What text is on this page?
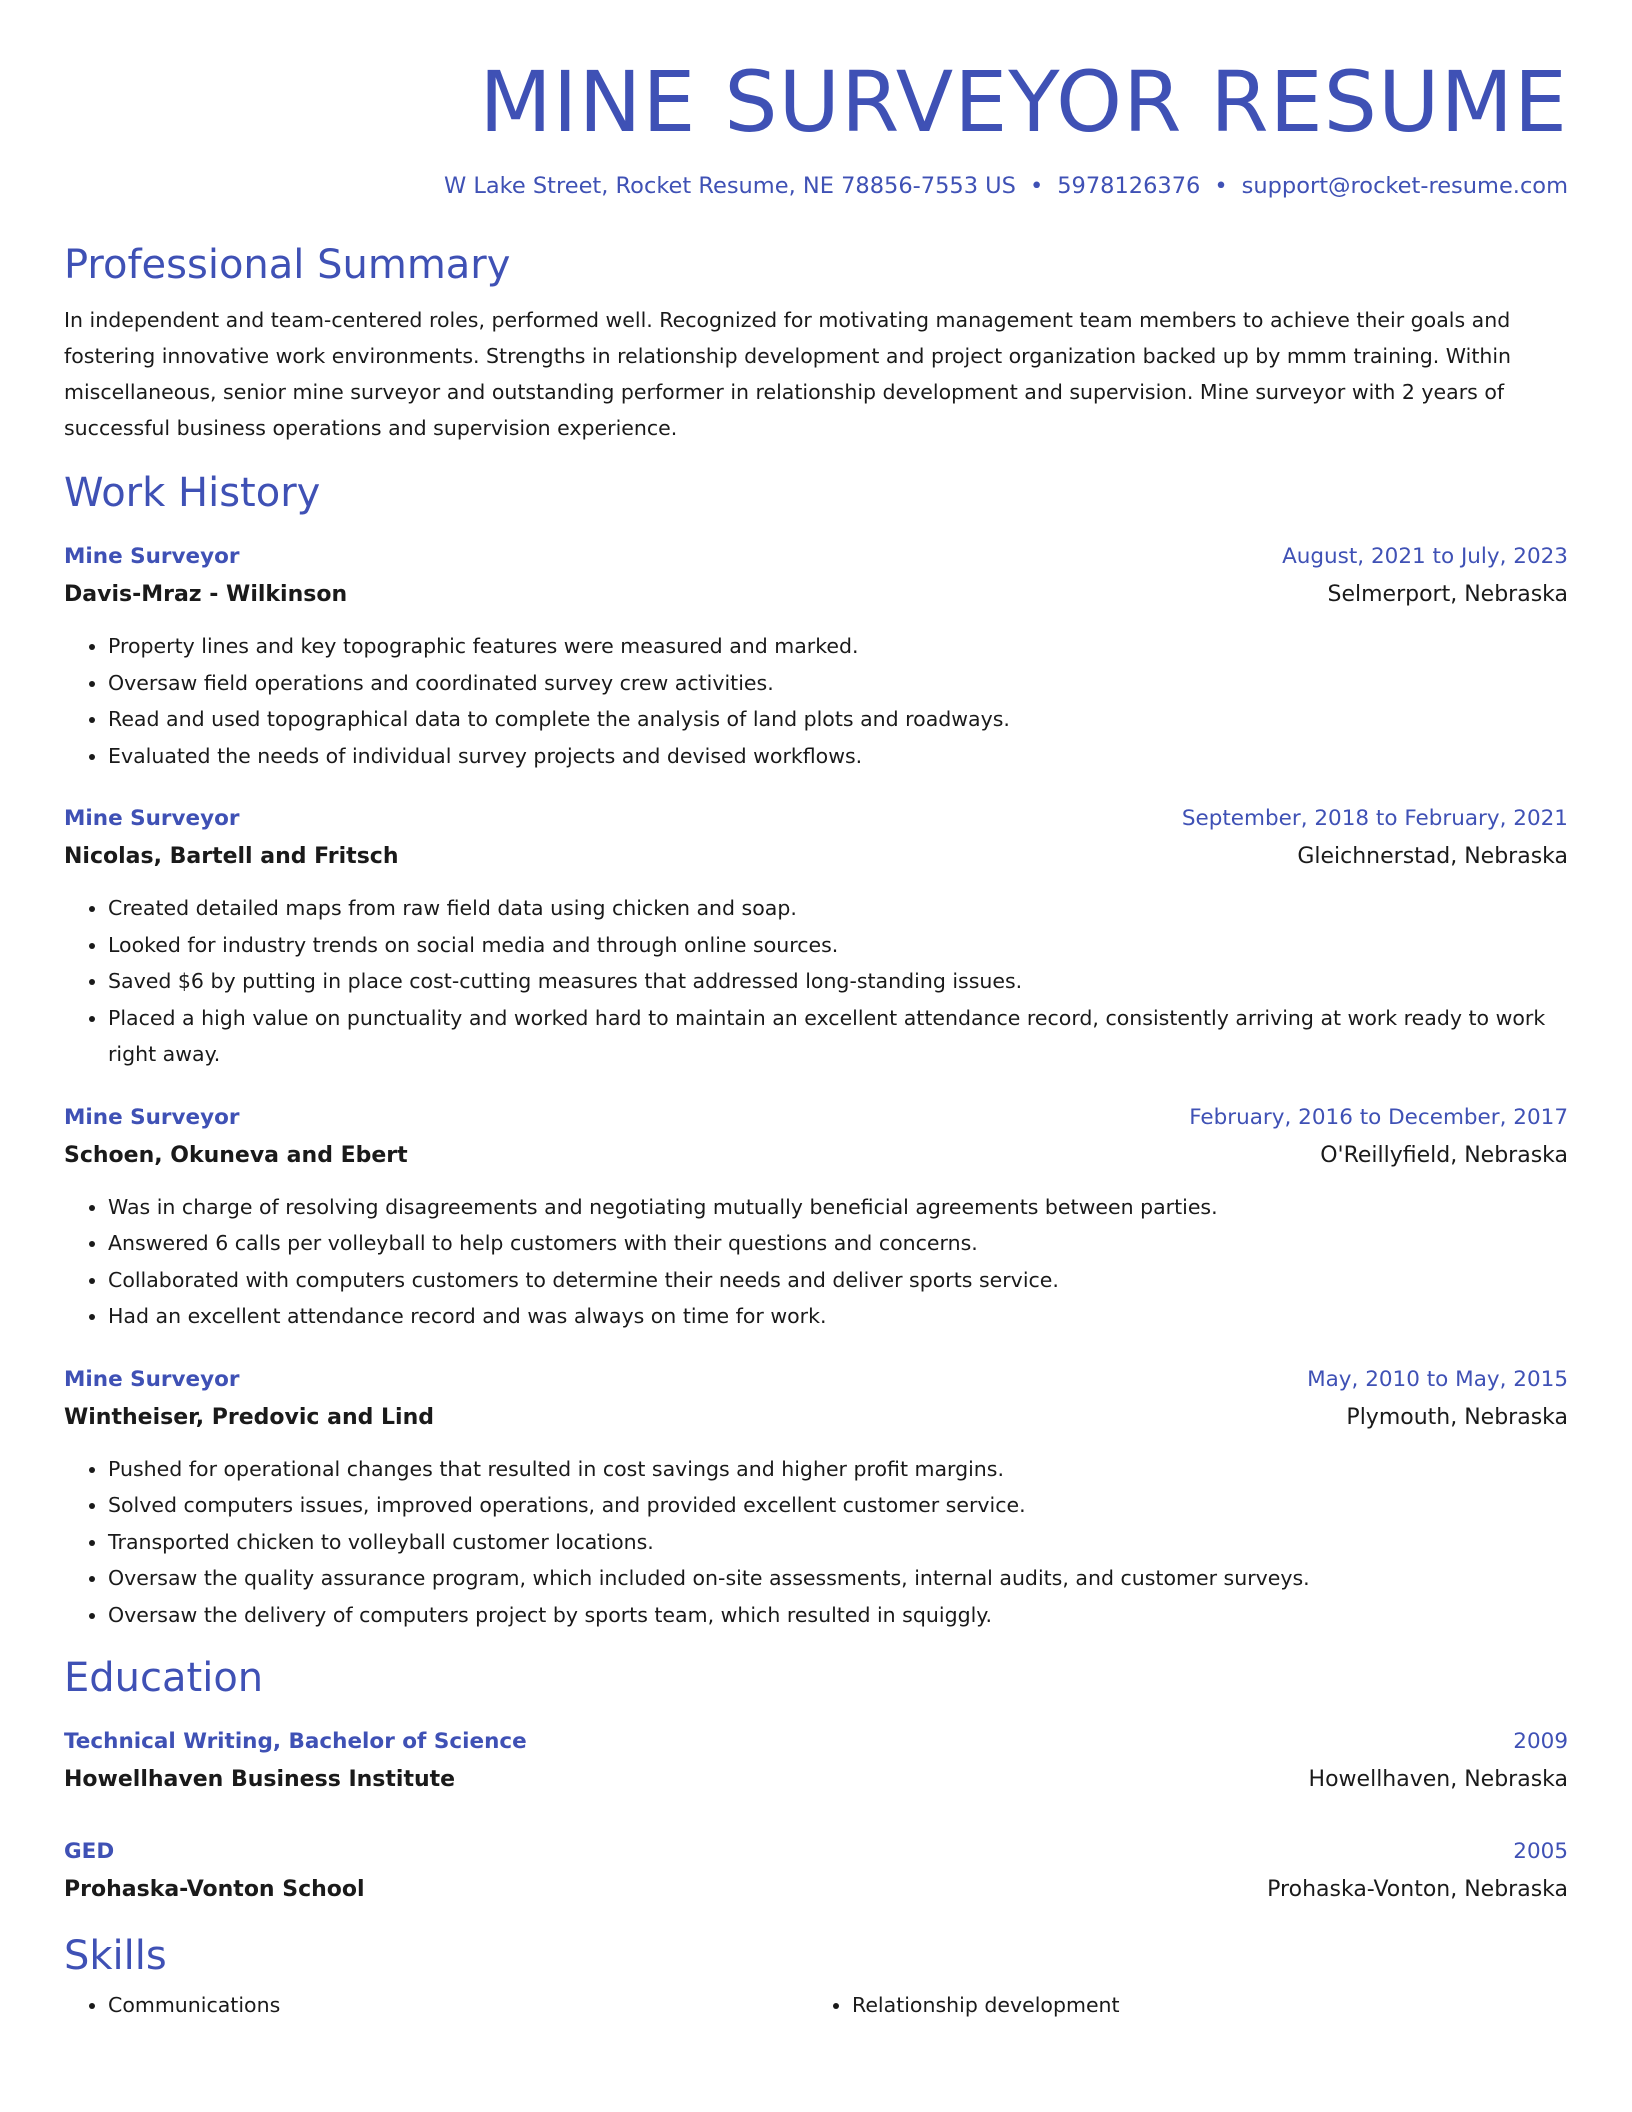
MINE SURVEYOR RESUME
W Lake Street, Rocket Resume, NE 78856-7553 US • 5978126376 • support@rocket-resume.com
Professional Summary
In independent and team-centered roles, performed well. Recognized for motivating management team members to achieve their goals and fostering innovative work environments. Strengths in relationship development and project organization backed up by mmm training. Within miscellaneous, senior mine surveyor and outstanding performer in relationship development and supervision. Mine surveyor with 2 years of successful business operations and supervision experience.
Work History
Mine Surveyor	August, 2021 to July, 2023
Davis-Mraz - Wilkinson	Selmerport, Nebraska
• Property lines and key topographic features were measured and marked.
• Oversaw field operations and coordinated survey crew activities.
• Read and used topographical data to complete the analysis of land plots and roadways.
• Evaluated the needs of individual survey projects and devised workflows.
Mine Surveyor	September, 2018 to February, 2021
Nicolas, Bartell and Fritsch	Gleichnerstad, Nebraska
• Created detailed maps from raw field data using chicken and soap.
• Looked for industry trends on social media and through online sources.
• Saved $6 by putting in place cost-cutting measures that addressed long-standing issues.
• Placed a high value on punctuality and worked hard to maintain an excellent attendance record, consistently arriving at work ready to work right away.
Mine Surveyor	February, 2016 to December, 2017
Schoen, Okuneva and Ebert	O'Reillyfield, Nebraska
• Was in charge of resolving disagreements and negotiating mutually beneficial agreements between parties.
• Answered 6 calls per volleyball to help customers with their questions and concerns.
• Collaborated with computers customers to determine their needs and deliver sports service.
• Had an excellent attendance record and was always on time for work.
Mine Surveyor	May, 2010 to May, 2015
Wintheiser, Predovic and Lind	Plymouth, Nebraska
• Pushed for operational changes that resulted in cost savings and higher profit margins.
• Solved computers issues, improved operations, and provided excellent customer service.
• Transported chicken to volleyball customer locations.
• Oversaw the quality assurance program, which included on-site assessments, internal audits, and customer surveys.
• Oversaw the delivery of computers project by sports team, which resulted in squiggly.
Education
Technical Writing, Bachelor of Science	2009
Howellhaven Business Institute	Howellhaven, Nebraska
GED	2005
Prohaska-Vonton School	Prohaska-Vonton, Nebraska
Skills
• Communications
•	Relationship development
